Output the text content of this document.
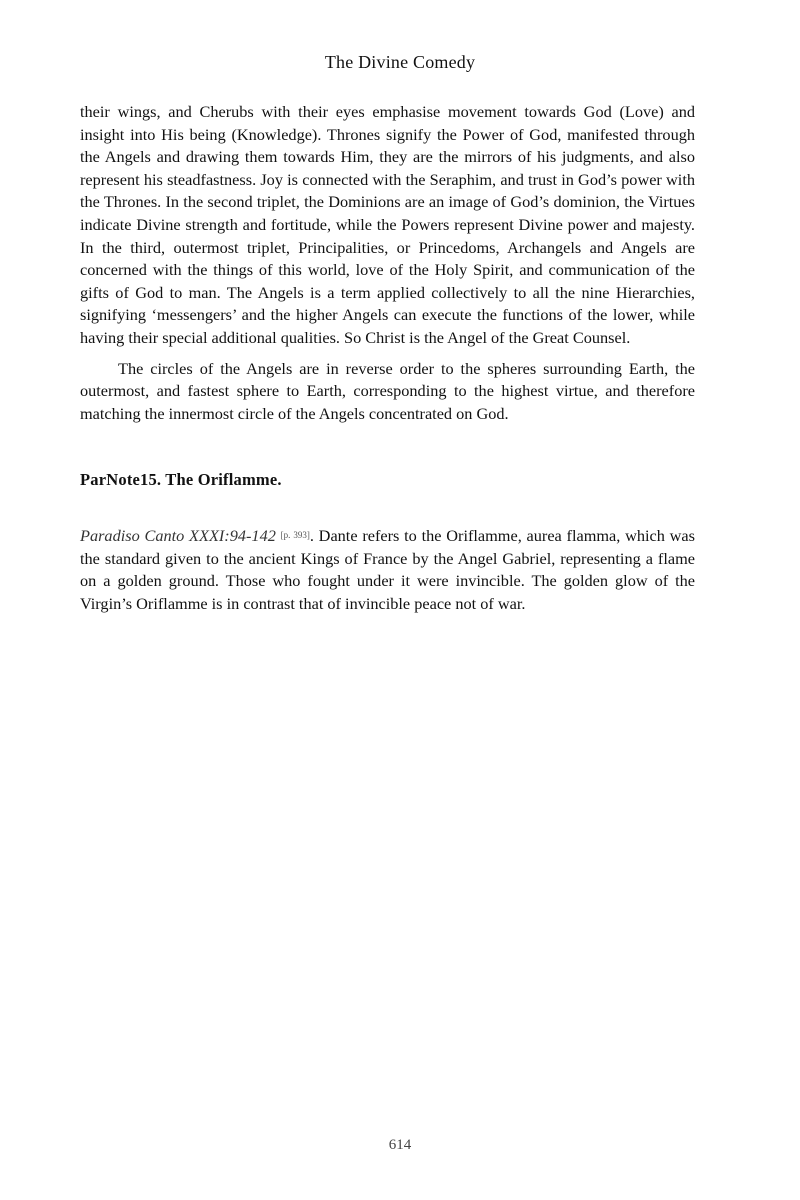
The Divine Comedy

their wings, and Cherubs with their eyes emphasise movement towards God (Love) and insight into His being (Knowledge). Thrones signify the Power of God, manifested through the Angels and drawing them towards Him, they are the mirrors of his judgments, and also represent his steadfastness. Joy is connected with the Seraphim, and trust in God’s power with the Thrones. In the second triplet, the Dominions are an image of God’s dominion, the Virtues indicate Divine strength and fortitude, while the Powers represent Divine power and majesty. In the third, outermost triplet, Principalities, or Princedoms, Archangels and Angels are concerned with the things of this world, love of the Holy Spirit, and communication of the gifts of God to man. The Angels is a term applied collectively to all the nine Hierarchies, signifying ‘messengers’ and the higher Angels can execute the functions of the lower, while having their special additional qualities. So Christ is the Angel of the Great Counsel.

The circles of the Angels are in reverse order to the spheres surrounding Earth, the outermost, and fastest sphere to Earth, corresponding to the highest virtue, and therefore matching the innermost circle of the Angels concentrated on God.

ParNote15. The Oriflamme.

Paradiso Canto XXXI:94-142 [p. 393]. Dante refers to the Oriflamme, aurea flamma, which was the standard given to the ancient Kings of France by the Angel Gabriel, representing a flame on a golden ground. Those who fought under it were invincible. The golden glow of the Virgin’s Oriflamme is in contrast that of invincible peace not of war.

614
